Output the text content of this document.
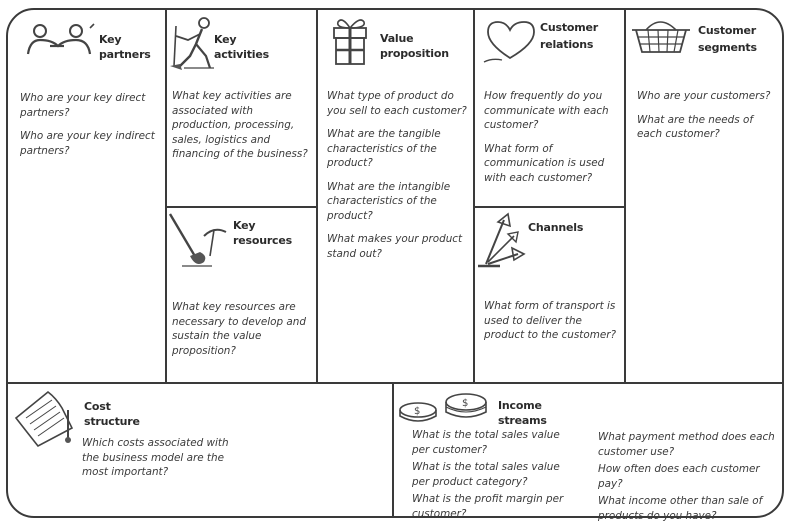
Key partners

Who are your key direct partners?

Who are your key indirect partners?

Key activities

What key activities are associated with production, processing, sales, logistics and financing of the business?

Key resources

What key resources are necessary to develop and sustain the value proposition?

Value proposition

What type of product do you sell to each customer?

What are the tangible characteristics of the product?

What are the intangible characteristics of the product?

What makes your product stand out?

Customer
relations

How frequently do you communicate with each customer?

What form of communication is used with each customer?

Channels

What form of transport is used to deliver the product to the customer?

Customer
segments

Who are your customers?

What are the needs of each customer?

Cost structure

Which costs associated with the business model are the most important?

$
$	Income streams

What is the total sales value per customer?

What is the total sales value per product category?

What is the profit margin per customer?

What payment method does each customer use?

How often does each customer pay?

What income other than sale of products do you have?
